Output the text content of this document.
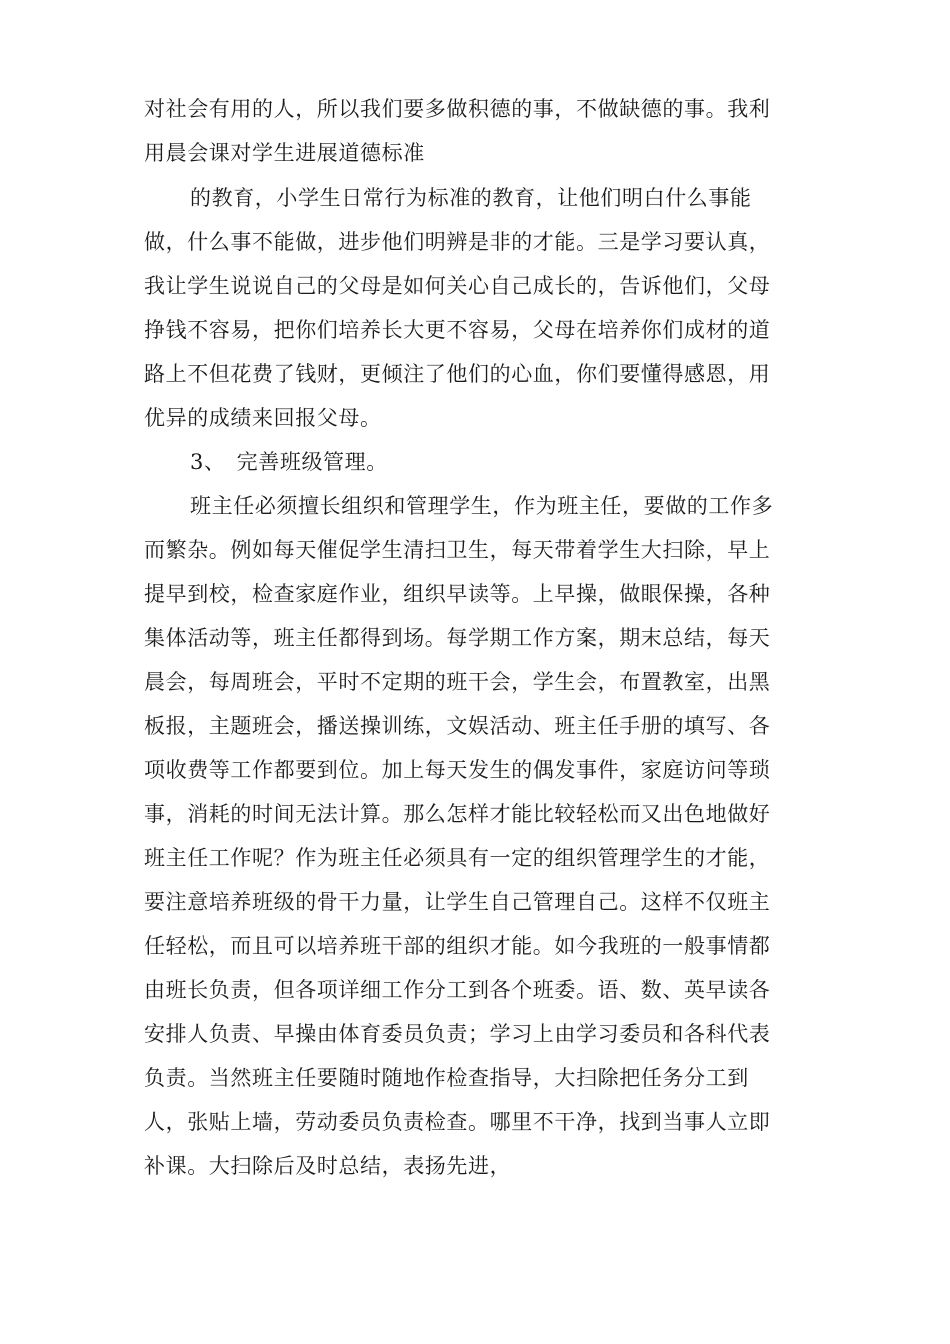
对社会有用的人，所以我们要多做积德的事，不做缺德的事。我利

用晨会课对学生进展道德标准

的教育，小学生日常行为标准的教育，让他们明白什么事能

做，什么事不能做，进步他们明辨是非的才能。三是学习要认真，

我让学生说说自己的父母是如何关心自己成长的，告诉他们，父母

挣钱不容易，把你们培养长大更不容易，父母在培养你们成材的道

路上不但花费了钱财，更倾注了他们的心血，你们要懂得感恩，用

优异的成绩来回报父母。

3、　完善班级管理。

班主任必须擅长组织和管理学生，作为班主任，要做的工作多

而繁杂。例如每天催促学生清扫卫生，每天带着学生大扫除，早上

提早到校，检查家庭作业，组织早读等。上早操，做眼保操，各种

集体活动等，班主任都得到场。每学期工作方案，期末总结，每天

晨会，每周班会，平时不定期的班干会，学生会，布置教室，出黑

板报，主题班会，播送操训练，文娱活动、班主任手册的填写、各

项收费等工作都要到位。加上每天发生的偶发事件，家庭访问等琐

事，消耗的时间无法计算。那么怎样才能比较轻松而又出色地做好

班主任工作呢？作为班主任必须具有一定的组织管理学生的才能，

要注意培养班级的骨干力量，让学生自己管理自己。这样不仅班主

任轻松，而且可以培养班干部的组织才能。如今我班的一般事情都

由班长负责，但各项详细工作分工到各个班委。语、数、英早读各

安排人负责、早操由体育委员负责；学习上由学习委员和各科代表

负责。当然班主任要随时随地作检查指导，大扫除把任务分工到

人，张贴上墙，劳动委员负责检查。哪里不干净，找到当事人立即

补课。大扫除后及时总结，表扬先进，
